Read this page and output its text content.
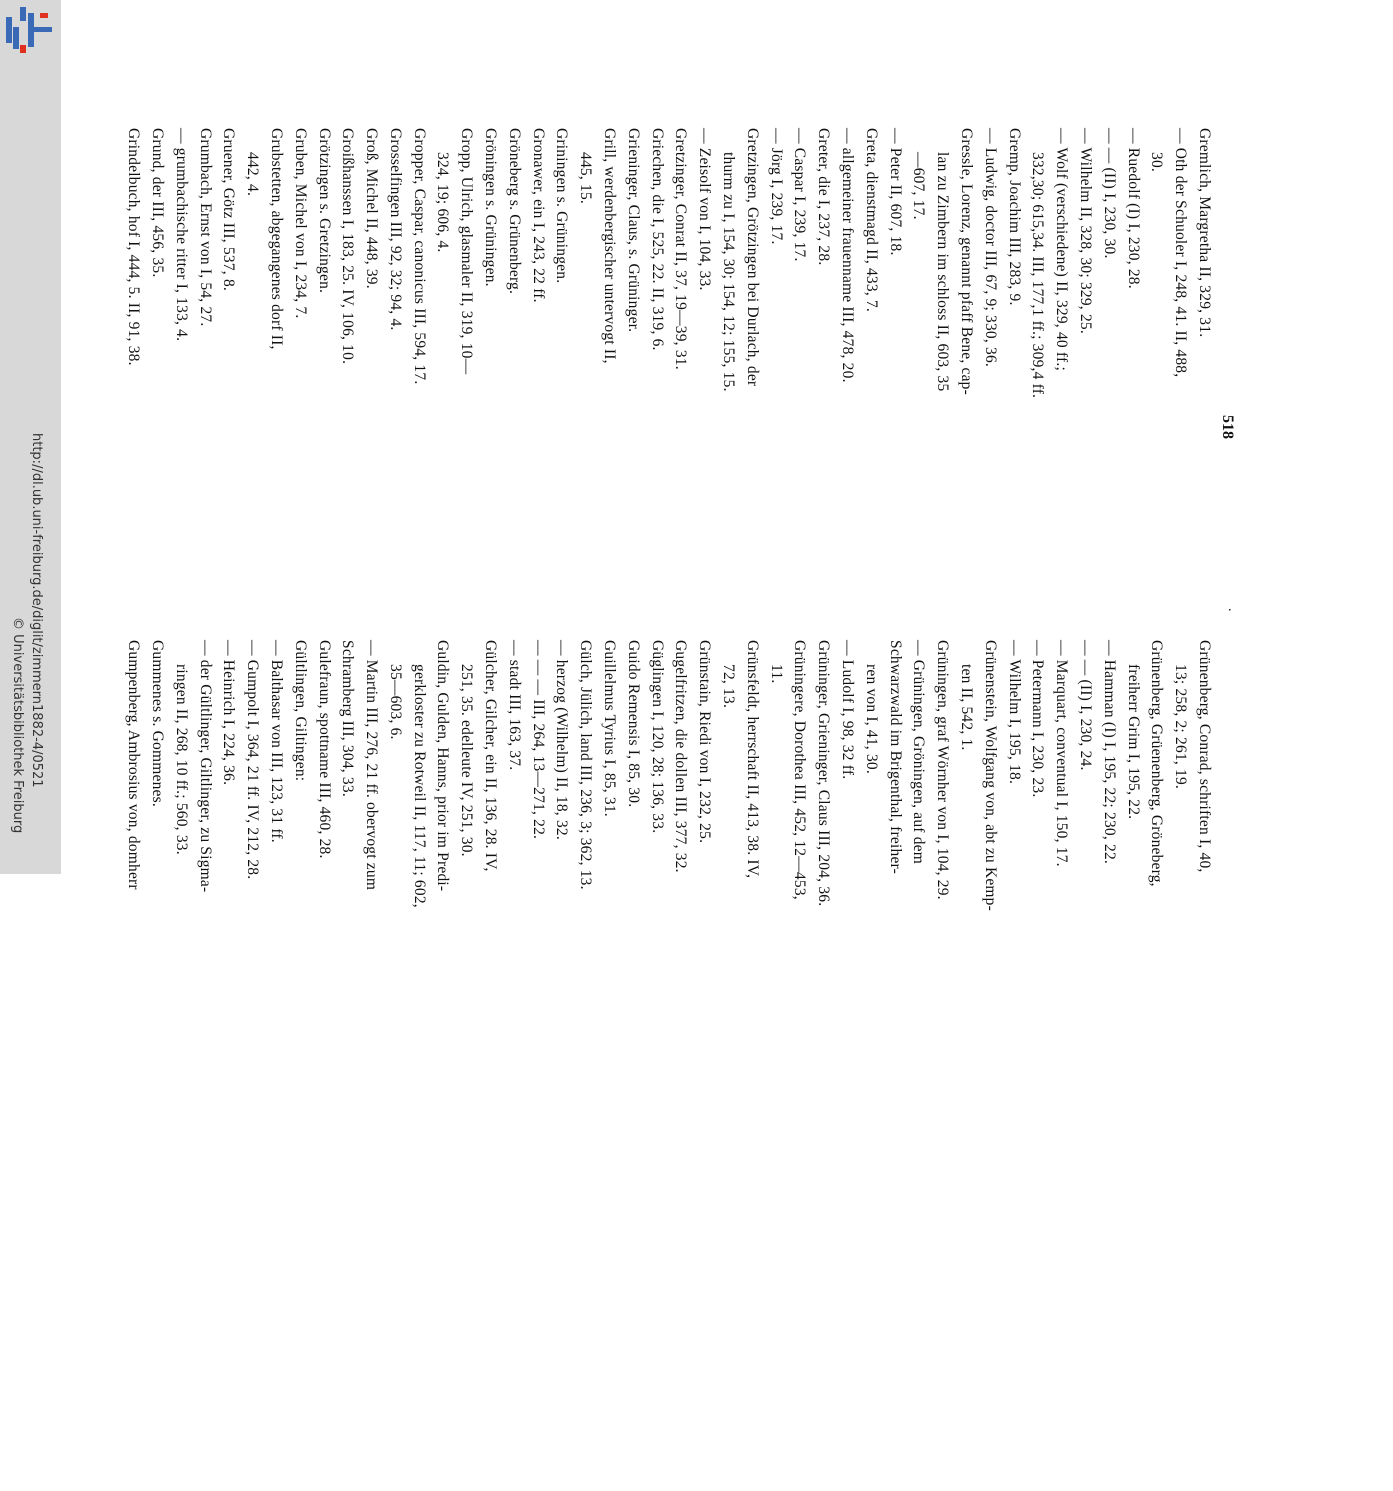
http://dl.ub.uni-freiburg.de/diglit/zimmern1882-4/0521
© Universitätsbibliothek Freiburg
518
.

Gremlich, Margretha II, 329, 31.

— Oth der Schuoler I, 248, 41. II, 488,

30.

— Ruedolf (I) I, 230, 28.

— — (II) I, 230, 30.

— Wilhelm II, 328, 30; 329, 25.

— Wolf (verschiedene) II, 329, 40 ff.;

332,30; 615,34. III, 177,1 ff.; 309,4 ff.

Gremp, Joachim III, 283, 9.

— Ludwig, doctor III, 67, 9; 330, 36.

Gressle, Lorenz, genannt pfaff Bene, cap-

lan zu Zimbern im schloss II, 603, 35

—607, 17.

— Peter II, 607, 18.

Greta, dienstmagd II, 433, 7.

— allgemeiner frauenname III, 478, 20.

Greter, die I, 237, 28.

— Caspar I, 239, 17.

— Jörg I, 239, 17.

Gretzingen, Grötzingen bei Durlach, der

thurm zu I, 154, 30; 154, 12; 155, 15.

— Zeisolf von I, 104, 33.

Gretzinger, Conrat II, 37, 19—39, 31.

Griechen, die I, 525, 22. II, 319, 6.

Grieninger, Claus, s. Grüninger.

Grill, werdenbergischer untervogt II,

445, 15.

Griningen s. Grüningen.

Gronawer, ein I, 243, 22 ff.

Gröneberg s. Grünenberg.

Gröningen s. Grüningen.

Gropp, Ulrich, glasmaler II, 319, 10—

324, 19; 606, 4.

Gropper, Caspar, canonicus III, 594, 17.

Grosselfingen III, 92, 32; 94, 4.

Groß, Michel II, 448, 39.

Groißhanssen I, 183, 25. IV, 106, 10.

Grötzingen s. Gretzingen.

Gruben, Michel von I, 234, 7.

Grubstetten, abgegangenes dorf II,

442, 4.

Gruener, Götz III, 537, 8.

Grumbach, Ernst von I, 54, 27.

— grumbachische ritter I, 133, 4.

Grund, der III, 456, 35.

Grindelbuch, hof I, 444, 5. II, 91, 38.

Grünenberg, Conrad, schriften I, 40,

13; 258, 2; 261, 19.

Grünenberg, Grüenenberg, Gröneberg,

freiherr Grim I, 195, 22.

— Hamman (I) I, 195, 22; 230, 22.

— — (II) I, 230, 24.

— Marquart, conventual I, 150, 17.

— Petermann I, 230, 23.

— Wilhelm I, 195, 18.

Grünenstein, Wolfgang von, abt zu Kemp-

ten II, 542, 1.

Grüningen, graf Wörnher von I, 104, 29.

— Grüningen, Gröningen, auf dem

Schwarzwald im Brigenthal, freiher-

ren von I, 41, 30.

— Ludolf I, 98, 32 ff.

Grüninger, Grieninger, Claus III, 204, 36.

Grüningere, Dorothea III, 452, 12—453,

11.

Grünsfeldt, herrschaft II, 413, 38. IV,

72, 13.

Grünstain, Riedi von I, 232, 25.

Gugelfritzen, die dollen III, 377, 32.

Güglingen I, 120, 28; 136, 33.

Guido Remensis I, 85, 30.

Guillelmus Tyrius I, 85, 31.

Gülch, Jülich, land III, 236, 3; 362, 13.

— herzog (Wilhelm) II, 18, 32.

— — — III, 264, 13—271, 22.

— stadt III, 163, 37.

Gülcher, Gilcher, ein II, 136, 28. IV,

251, 35. edelleute IV, 251, 30.

Guldin, Gulden, Hanns, prior im Predi-

gerkloster zu Rotweil II, 117, 11; 602,

35—603, 6.

— Martin III, 276, 21 ff. obervogt zum

Schramberg III, 304, 33.

Gulefraun, spottname III, 460, 28.

Gültlingen, Giltingen:

— Balthasar von III, 123, 31 ff.

— Gumpolt I, 364, 21 ff. IV, 212, 28.

— Heinrich I, 224, 36.

— der Gültlinger, Giltlinger, zu Sigma-

ringen II, 268, 10 ff.; 560, 33.

Gummenes s. Gommenes.

Gumpenberg, Ambrosius von, domherr
